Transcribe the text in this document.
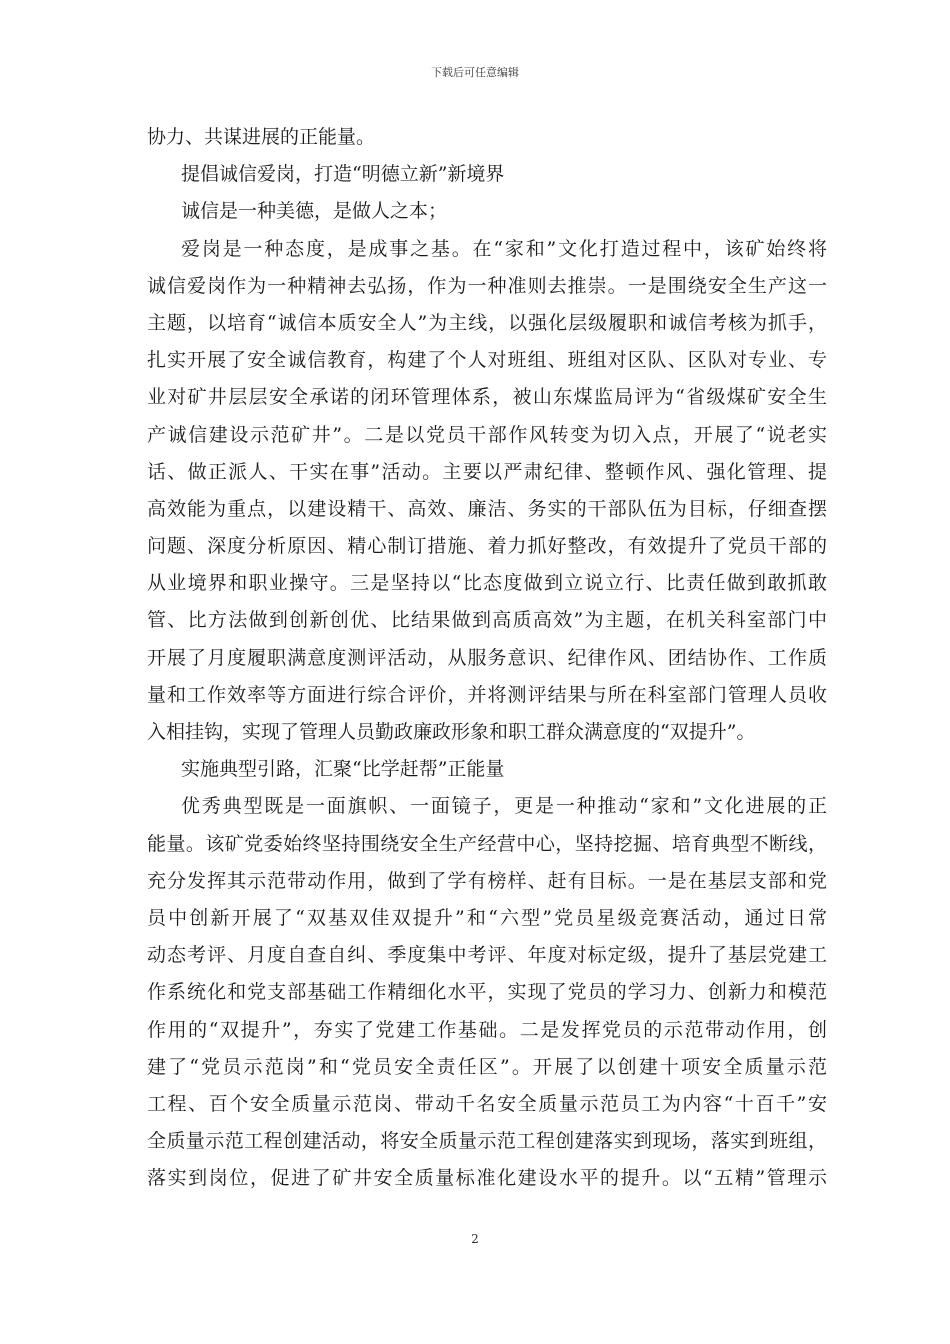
下载后可任意编辑
协力、共谋进展的正能量。
提倡诚信爱岗，打造“明德立新”新境界
诚信是一种美德，是做人之本；
爱岗是一种态度，是成事之基。在“家和”文化打造过程中，该矿始终将
诚信爱岗作为一种精神去弘扬，作为一种准则去推崇。一是围绕安全生产这一
主题，以培育“诚信本质安全人”为主线，以强化层级履职和诚信考核为抓手，
扎实开展了安全诚信教育，构建了个人对班组、班组对区队、区队对专业、专
业对矿井层层安全承诺的闭环管理体系，被山东煤监局评为“省级煤矿安全生
产诚信建设示范矿井”。二是以党员干部作风转变为切入点，开展了“说老实
话、做正派人、干实在事”活动。主要以严肃纪律、整顿作风、强化管理、提
高效能为重点，以建设精干、高效、廉洁、务实的干部队伍为目标，仔细查摆
问题、深度分析原因、精心制订措施、着力抓好整改，有效提升了党员干部的
从业境界和职业操守。三是坚持以“比态度做到立说立行、比责任做到敢抓敢
管、比方法做到创新创优、比结果做到高质高效”为主题，在机关科室部门中
开展了月度履职满意度测评活动，从服务意识、纪律作风、团结协作、工作质
量和工作效率等方面进行综合评价，并将测评结果与所在科室部门管理人员收
入相挂钩，实现了管理人员勤政廉政形象和职工群众满意度的“双提升”。
实施典型引路，汇聚“比学赶帮”正能量
优秀典型既是一面旗帜、一面镜子，更是一种推动“家和”文化进展的正
能量。该矿党委始终坚持围绕安全生产经营中心，坚持挖掘、培育典型不断线，
充分发挥其示范带动作用，做到了学有榜样、赶有目标。一是在基层支部和党
员中创新开展了“双基双佳双提升”和“六型”党员星级竞赛活动，通过日常
动态考评、月度自查自纠、季度集中考评、年度对标定级，提升了基层党建工
作系统化和党支部基础工作精细化水平，实现了党员的学习力、创新力和模范
作用的“双提升”，夯实了党建工作基础。二是发挥党员的示范带动作用，创
建了“党员示范岗”和“党员安全责任区”。开展了以创建十项安全质量示范
工程、百个安全质量示范岗、带动千名安全质量示范员工为内容“十百千”安
全质量示范工程创建活动，将安全质量示范工程创建落实到现场，落实到班组，
落实到岗位，促进了矿井安全质量标准化建设水平的提升。以“五精”管理示
2
